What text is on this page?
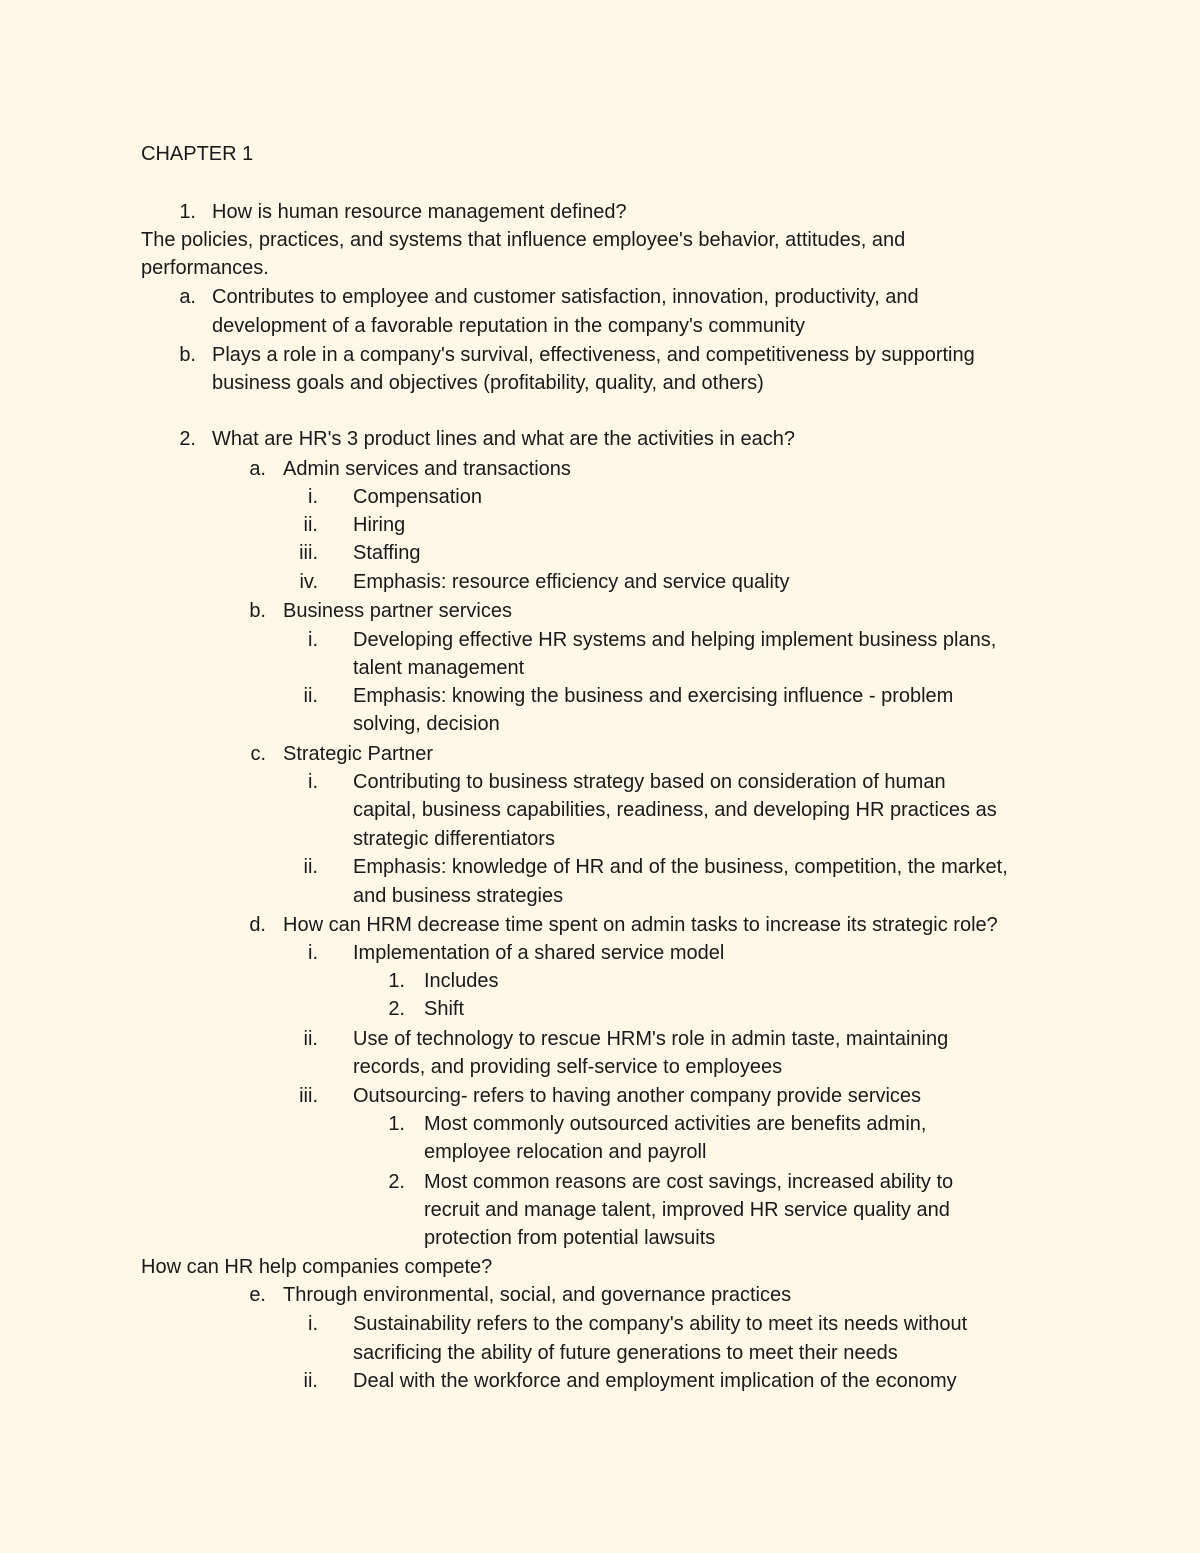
CHAPTER 1
1. How is human resource management defined?
The policies, practices, and systems that influence employee's behavior, attitudes, and
performances.
a. Contributes to employee and customer satisfaction, innovation, productivity, and
development of a favorable reputation in the company's community
b. Plays a role in a company's survival, effectiveness, and competitiveness by supporting
business goals and objectives (profitability, quality, and others)
2. What are HR's 3 product lines and what are the activities in each?
a. Admin services and transactions
i. Compensation
ii. Hiring
iii. Staffing
iv. Emphasis: resource efficiency and service quality
b. Business partner services
i. Developing effective HR systems and helping implement business plans,
talent management
ii. Emphasis: knowing the business and exercising influence - problem
solving, decision
c. Strategic Partner
i. Contributing to business strategy based on consideration of human
capital, business capabilities, readiness, and developing HR practices as
strategic differentiators
ii. Emphasis: knowledge of HR and of the business, competition, the market,
and business strategies
d. How can HRM decrease time spent on admin tasks to increase its strategic role?
i. Implementation of a shared service model
1. Includes
2. Shift
ii. Use of technology to rescue HRM's role in admin taste, maintaining
records, and providing self-service to employees
iii. Outsourcing- refers to having another company provide services
1. Most commonly outsourced activities are benefits admin,
employee relocation and payroll
2. Most common reasons are cost savings, increased ability to
recruit and manage talent, improved HR service quality and
protection from potential lawsuits
How can HR help companies compete?
e. Through environmental, social, and governance practices
i. Sustainability refers to the company's ability to meet its needs without
sacrificing the ability of future generations to meet their needs
ii. Deal with the workforce and employment implication of the economy
